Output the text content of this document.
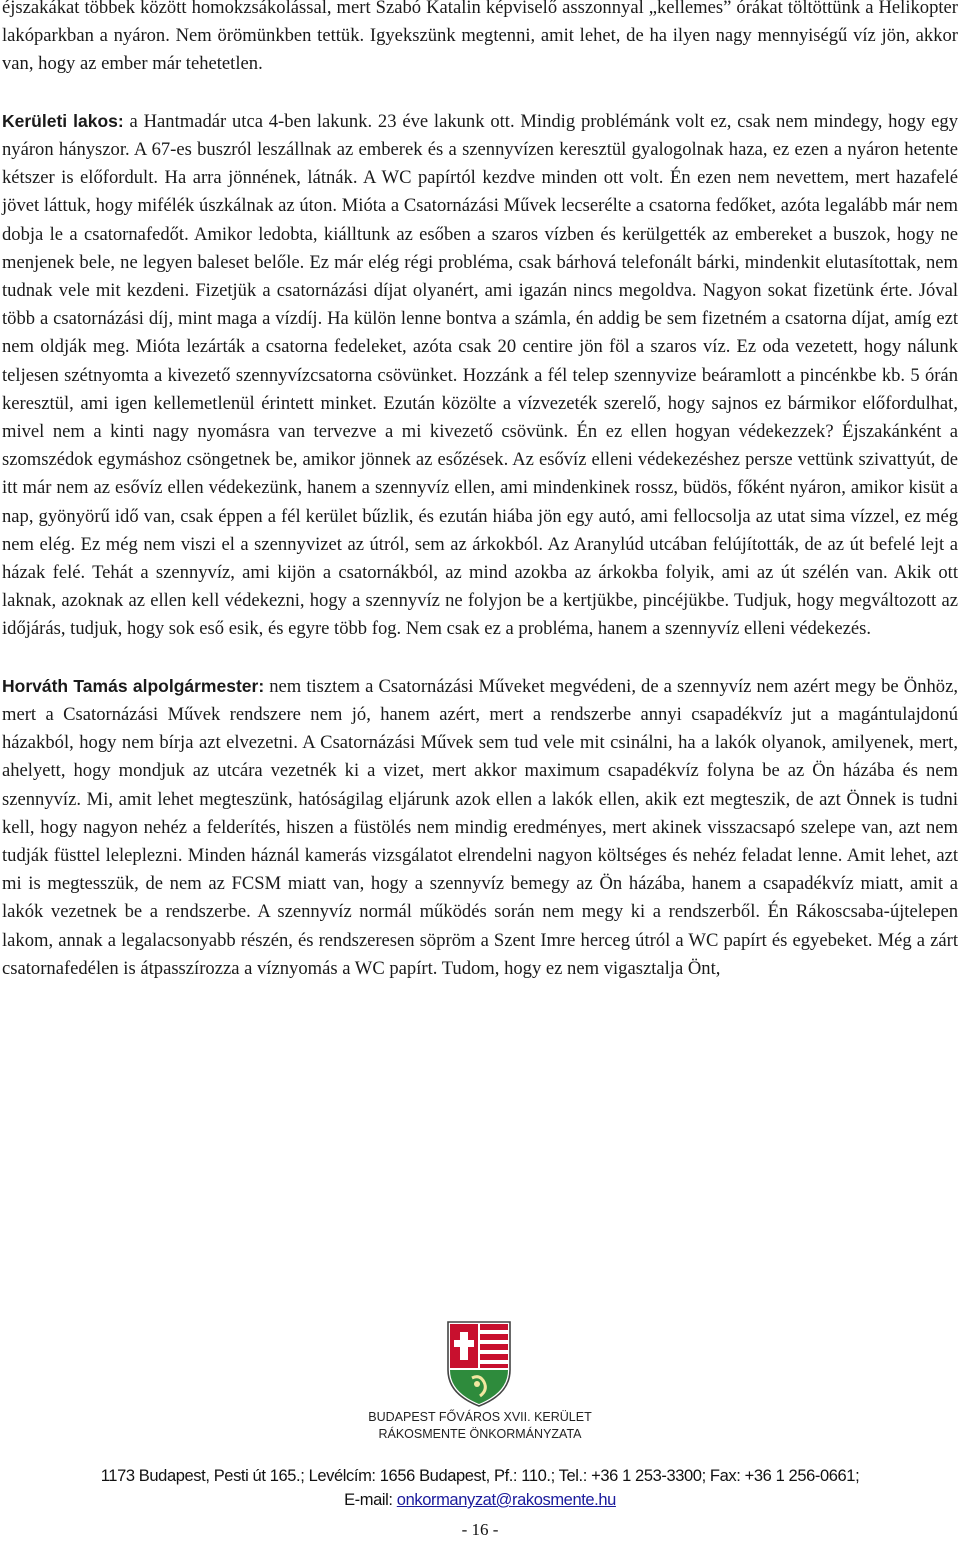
éjszakákat többek között homokzsákolással, mert Szabó Katalin képviselő asszonnyal „kellemes” órákat töltöttünk a Helikopter lakóparkban a nyáron. Nem örömünkben tettük. Igyekszünk megtenni, amit lehet, de ha ilyen nagy mennyiségű víz jön, akkor van, hogy az ember már tehetetlen.

Kerületi lakos: a Hantmadár utca 4-ben lakunk. 23 éve lakunk ott. Mindig problémánk volt ez, csak nem mindegy, hogy egy nyáron hányszor. A 67-es buszról leszállnak az emberek és a szennyvízen keresztül gyalogolnak haza, ez ezen a nyáron hetente kétszer is előfordult. Ha arra jönnének, látnák. A WC papírtól kezdve minden ott volt. Én ezen nem nevettem, mert hazafelé jövet láttuk, hogy mifélék úszkálnak az úton. Mióta a Csatornázási Művek lecserélte a csatorna fedőket, azóta legalább már nem dobja le a csatornafedőt. Amikor ledobta, kiálltunk az esőben a szaros vízben és kerülgették az embereket a buszok, hogy ne menjenek bele, ne legyen baleset belőle. Ez már elég régi probléma, csak bárhová telefonált bárki, mindenkit elutasítottak, nem tudnak vele mit kezdeni. Fizetjük a csatornázási díjat olyanért, ami igazán nincs megoldva. Nagyon sokat fizetünk érte. Jóval több a csatornázási díj, mint maga a vízdíj. Ha külön lenne bontva a számla, én addig be sem fizetném a csatorna díjat, amíg ezt nem oldják meg. Mióta lezárták a csatorna fedeleket, azóta csak 20 centire jön föl a szaros víz. Ez oda vezetett, hogy nálunk teljesen szétnyomta a kivezető szennyvízcsatorna csövünket. Hozzánk a fél telep szennyvize beáramlott a pincénkbe kb. 5 órán keresztül, ami igen kellemetlenül érintett minket. Ezután közölte a vízvezeték szerelő, hogy sajnos ez bármikor előfordulhat, mivel nem a kinti nagy nyomásra van tervezve a mi kivezető csövünk. Én ez ellen hogyan védekezzek? Éjszakánként a szomszédok egymáshoz csöngetnek be, amikor jönnek az esőzések. Az esővíz elleni védekezéshez persze vettünk szivattyút, de itt már nem az esővíz ellen védekezünk, hanem a szennyvíz ellen, ami mindenkinek rossz, büdös, főként nyáron, amikor kisüt a nap, gyönyörű idő van, csak éppen a fél kerület bűzlik, és ezután hiába jön egy autó, ami fellocsolja az utat sima vízzel, ez még nem elég. Ez még nem viszi el a szennyvizet az útról, sem az árkokból. Az Aranylúd utcában felújították, de az út befelé lejt a házak felé. Tehát a szennyvíz, ami kijön a csatornákból, az mind azokba az árkokba folyik, ami az út szélén van. Akik ott laknak, azoknak az ellen kell védekezni, hogy a szennyvíz ne folyjon be a kertjükbe, pincéjükbe. Tudjuk, hogy megváltozott az időjárás, tudjuk, hogy sok eső esik, és egyre több fog. Nem csak ez a probléma, hanem a szennyvíz elleni védekezés.

Horváth Tamás alpolgármester: nem tisztem a Csatornázási Műveket megvédeni, de a szennyvíz nem azért megy be Önhöz, mert a Csatornázási Művek rendszere nem jó, hanem azért, mert a rendszerbe annyi csapadékvíz jut a magántulajdonú házakból, hogy nem bírja azt elvezetni. A Csatornázási Művek sem tud vele mit csinálni, ha a lakók olyanok, amilyenek, mert, ahelyett, hogy mondjuk az utcára vezetnék ki a vizet, mert akkor maximum csapadékvíz folyna be az Ön házába és nem szennyvíz. Mi, amit lehet megteszünk, hatóságilag eljárunk azok ellen a lakók ellen, akik ezt megteszik, de azt Önnek is tudni kell, hogy nagyon nehéz a felderítés, hiszen a füstölés nem mindig eredményes, mert akinek visszacsapó szelepe van, azt nem tudják füsttel leleplezni. Minden háznál kamerás vizsgálatot elrendelni nagyon költséges és nehéz feladat lenne. Amit lehet, azt mi is megtesszük, de nem az FCSM miatt van, hogy a szennyvíz bemegy az Ön házába, hanem a csapadékvíz miatt, amit a lakók vezetnek be a rendszerbe. A szennyvíz normál működés során nem megy ki a rendszerből. Én Rákoscsaba-újtelepen lakom, annak a legalacsonyabb részén, és rendszeresen söpröm a Szent Imre herceg útról a WC papírt és egyebeket. Még a zárt csatornafedélen is átpasszírozza a víznyomás a WC papírt. Tudom, hogy ez nem vigasztalja Önt,

BUDAPEST FŐVÁROS XVII. KERÜLET
RÁKOSMENTE ÖNKORMÁNYZATA
1173 Budapest, Pesti út 165.; Levélcím: 1656 Budapest, Pf.: 110.; Tel.: +36 1 253-3300; Fax: +36 1 256-0661;
E-mail: onkormanyzat@rakosmente.hu
- 16 -
